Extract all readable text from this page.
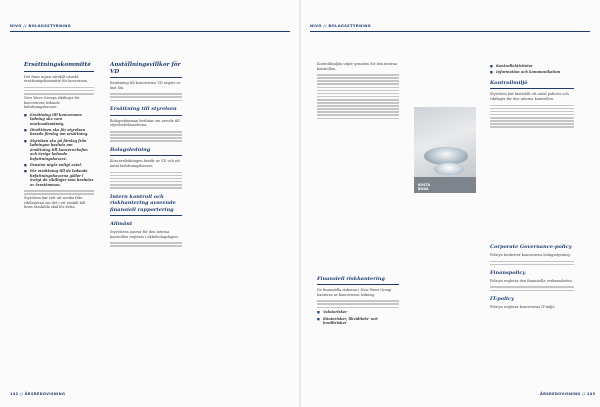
NIVO // BOLAGSSTYRNING	NIVO // BOLAGSSTYRNING
Ersättningskommitté

Det finns ingen särskilt utsedd ersättningskommitté för koncernen.

New Wave Groups riktlinjer för koncernens ledande befattningshavare:

■ Ersättning till koncernens ledning ska vara marknadsmässig.
■ Direktören ska för styrelsen bereda förslag om ersättning.
■ Styrelsen ska på förslag från ledningen besluta om ersättning till koncernchefen och övriga ledande befattningshavare.
■ Pension utgår enligt avtal.
■ För ersättning till de ledande befattningshavarna gäller i övrigt de riktlinjer som beslutas av årsstämman.

Styrelsen har rätt att avvika från riktlinjerna om det i ett enskilt fall finns särskilda skäl för detta.

Anställningsvillkor för VD

Ersättning till koncernens VD utgörs av fast lön.

Ersättning till styrelsen

Bolagsstämman beslutar om arvode till styrelseledamöterna.

Bolagsledning

Koncernledningen består av VD och ett antal befattningshavare.

Intern kontroll och riskhantering avseende finansiell rapportering
Allmänt

Styrelsens ansvar för den interna kontrollen regleras i aktiebolagslagen.

Kontrollmiljön utgör grunden för den interna kontrollen.

Finansiell riskhantering

De finansiella riskerna i New Wave Group hanteras av koncernens ledning.

■ Valutarisker
■ Ränterisker, likviditets- och kreditrisker
KOSTA
BODA
■ Kontrollaktiviteter
■ Information och kommunikation
Kontrollmiljö

Styrelsen har fastställt ett antal policies och riktlinjer för den interna kontrollen.

Corporate Governance-policy

Policyn beskriver koncernens bolagsstyrning.

Finanspolicy

Policyn reglerar den finansiella verksamheten.

IT-policy

Policyn reglerar koncernens IT-miljö.

142 // ÅRSREDOVISNING	ÅRSREDOVISNING // 143
